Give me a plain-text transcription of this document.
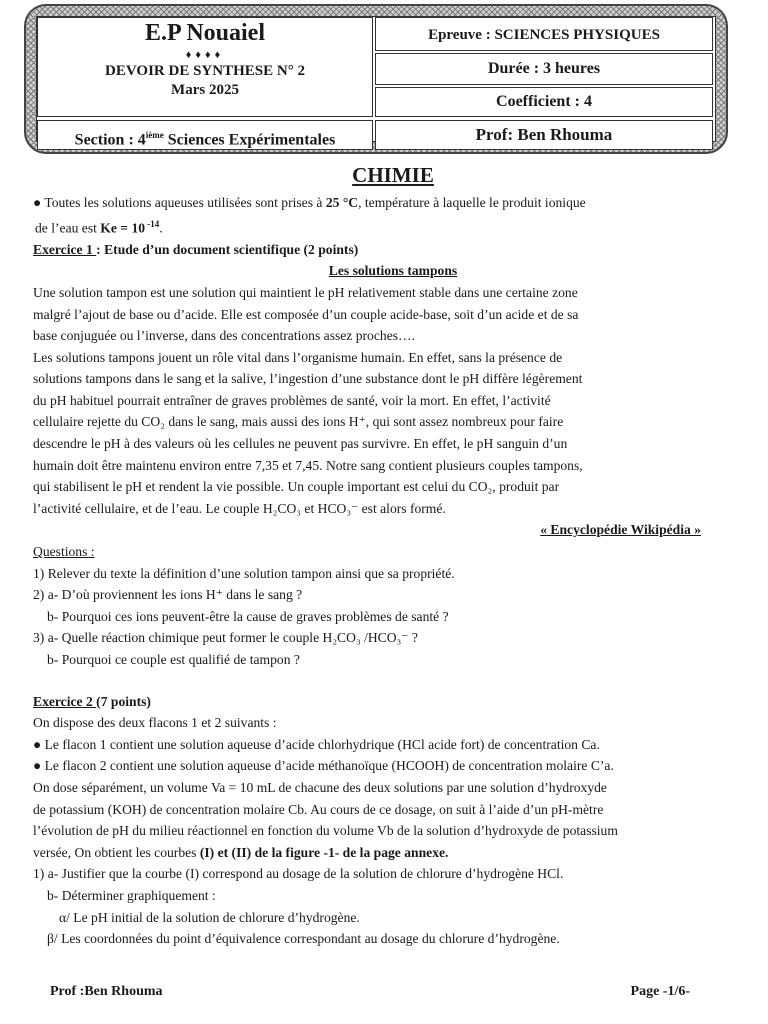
E.P Nouaiel
♦♦♦♦
DEVOIR DE SYNTHESE N° 2
Mars 2025
Epreuve : SCIENCES PHYSIQUES
Durée : 3 heures
Coefficient : 4
Section : 4ième Sciences Expérimentales	Prof: Ben Rhouma
CHIMIE

● Toutes les solutions aqueuses utilisées sont prises à 25 °C, température à laquelle le produit ionique

de l’eau est Ke = 10 $^{-14}$.

Exercice 1 : Etude d’un document scientifique (2 points)

Les solutions tampons

Une solution tampon est une solution qui maintient le pH relativement stable dans une certaine zone

malgré l’ajout de base ou d’acide. Elle est composée d’un couple acide-base, soit d’un acide et de sa

base conjuguée ou l’inverse, dans des concentrations assez proches….

Les solutions tampons jouent un rôle vital dans l’organisme humain. En effet, sans la présence de

solutions tampons dans le sang et la salive, l’ingestion d’une substance dont le pH diffère légèrement

du pH habituel pourrait entraîner de graves problèmes de santé, voir la mort. En effet, l’activité

cellulaire rejette du CO₂ dans le sang, mais aussi des ions H⁺, qui sont assez nombreux pour faire

descendre le pH à des valeurs où les cellules ne peuvent pas survivre. En effet, le pH sanguin d’un

humain doit être maintenu environ entre 7,35 et 7,45. Notre sang contient plusieurs couples tampons,

qui stabilisent le pH et rendent la vie possible. Un couple important est celui du CO₂, produit par

l’activité cellulaire, et de l’eau. Le couple H₂CO₃ et HCO₃⁻ est alors formé.

« Encyclopédie Wikipédia »

Questions :

1) Relever du texte la définition d’une solution tampon ainsi que sa propriété.

2) a- D’où proviennent les ions H⁺ dans le sang ?

b- Pourquoi ces ions peuvent-être la cause de graves problèmes de santé ?

3) a- Quelle réaction chimique peut former le couple H₂CO₃ /HCO₃⁻ ?

b- Pourquoi ce couple est qualifié de tampon ?

Exercice 2 (7 points)

On dispose des deux flacons 1 et 2 suivants :

● Le flacon 1 contient une solution aqueuse d’acide chlorhydrique (HCl acide fort) de concentration Ca.

● Le flacon 2 contient une solution aqueuse d’acide méthanoïque (HCOOH) de concentration molaire C’a.

On dose séparément, un volume Va = 10 mL de chacune des deux solutions par une solution d’hydroxyde

de potassium (KOH) de concentration molaire Cb. Au cours de ce dosage, on suit à l’aide d’un pH-mètre

l’évolution de pH du milieu réactionnel en fonction du volume Vb de la solution d’hydroxyde de potassium

versée, On obtient les courbes (I) et (II) de la figure -1- de la page annexe.

1) a- Justifier que la courbe (I) correspond au dosage de la solution de chlorure d’hydrogène HCl.

b- Déterminer graphiquement :

α/ Le pH initial de la solution de chlorure d’hydrogène.

β/ Les coordonnées du point d’équivalence correspondant au dosage du chlorure d’hydrogène.

Prof :Ben Rhouma	Page -1/6-
